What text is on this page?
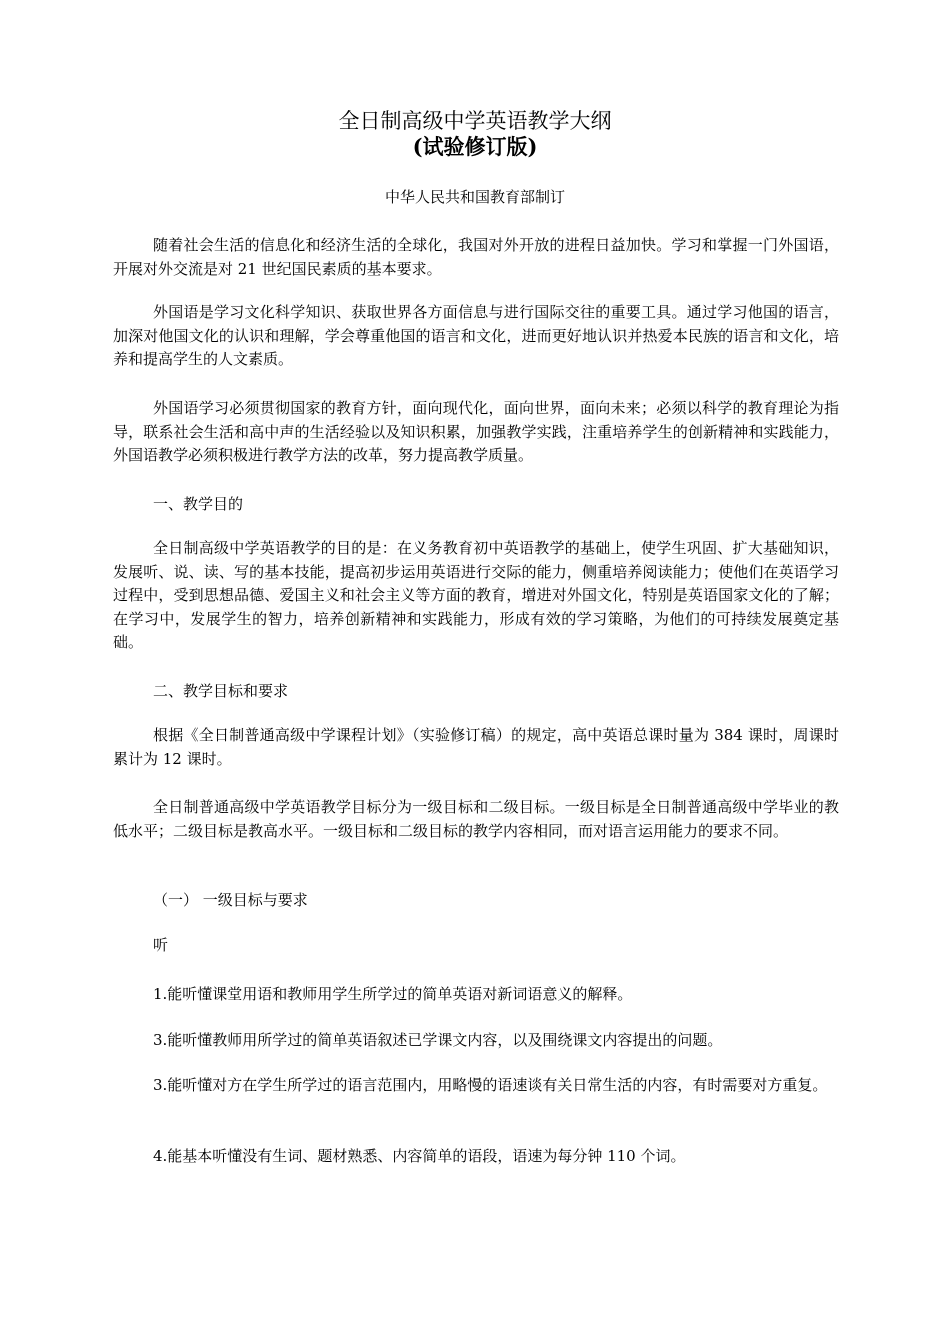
全日制高级中学英语教学大纲
(试验修订版)
中华人民共和国教育部制订

随着社会生活的信息化和经济生活的全球化，我国对外开放的进程日益加快。学习和掌握一门外国语，开展对外交流是对 21 世纪国民素质的基本要求。

外国语是学习文化科学知识、获取世界各方面信息与进行国际交往的重要工具。通过学习他国的语言，加深对他国文化的认识和理解，学会尊重他国的语言和文化，进而更好地认识并热爱本民族的语言和文化，培养和提高学生的人文素质。

外国语学习必须贯彻国家的教育方针，面向现代化，面向世界，面向未来；必须以科学的教育理论为指导，联系社会生活和高中声的生活经验以及知识积累，加强教学实践，注重培养学生的创新精神和实践能力，外国语教学必须积极进行教学方法的改革，努力提高教学质量。

一、教学目的

全日制高级中学英语教学的目的是：在义务教育初中英语教学的基础上，使学生巩固、扩大基础知识，发展听、说、读、写的基本技能，提高初步运用英语进行交际的能力，侧重培养阅读能力；使他们在英语学习过程中，受到思想品德、爱国主义和社会主义等方面的教育，增进对外国文化，特别是英语国家文化的了解；在学习中，发展学生的智力，培养创新精神和实践能力，形成有效的学习策略，为他们的可持续发展奠定基础。

二、教学目标和要求

根据《全日制普通高级中学课程计划》（实验修订稿）的规定，高中英语总课时量为 384 课时，周课时累计为 12 课时。

全日制普通高级中学英语教学目标分为一级目标和二级目标。一级目标是全日制普通高级中学毕业的教低水平；二级目标是教高水平。一级目标和二级目标的教学内容相同，而对语言运用能力的要求不同。

（一） 一级目标与要求

听

1.能听懂课堂用语和教师用学生所学过的简单英语对新词语意义的解释。

3.能听懂教师用所学过的简单英语叙述已学课文内容，以及围绕课文内容提出的问题。

3.能听懂对方在学生所学过的语言范围内，用略慢的语速谈有关日常生活的内容，有时需要对方重复。

4.能基本听懂没有生词、题材熟悉、内容简单的语段，语速为每分钟 110 个词。
